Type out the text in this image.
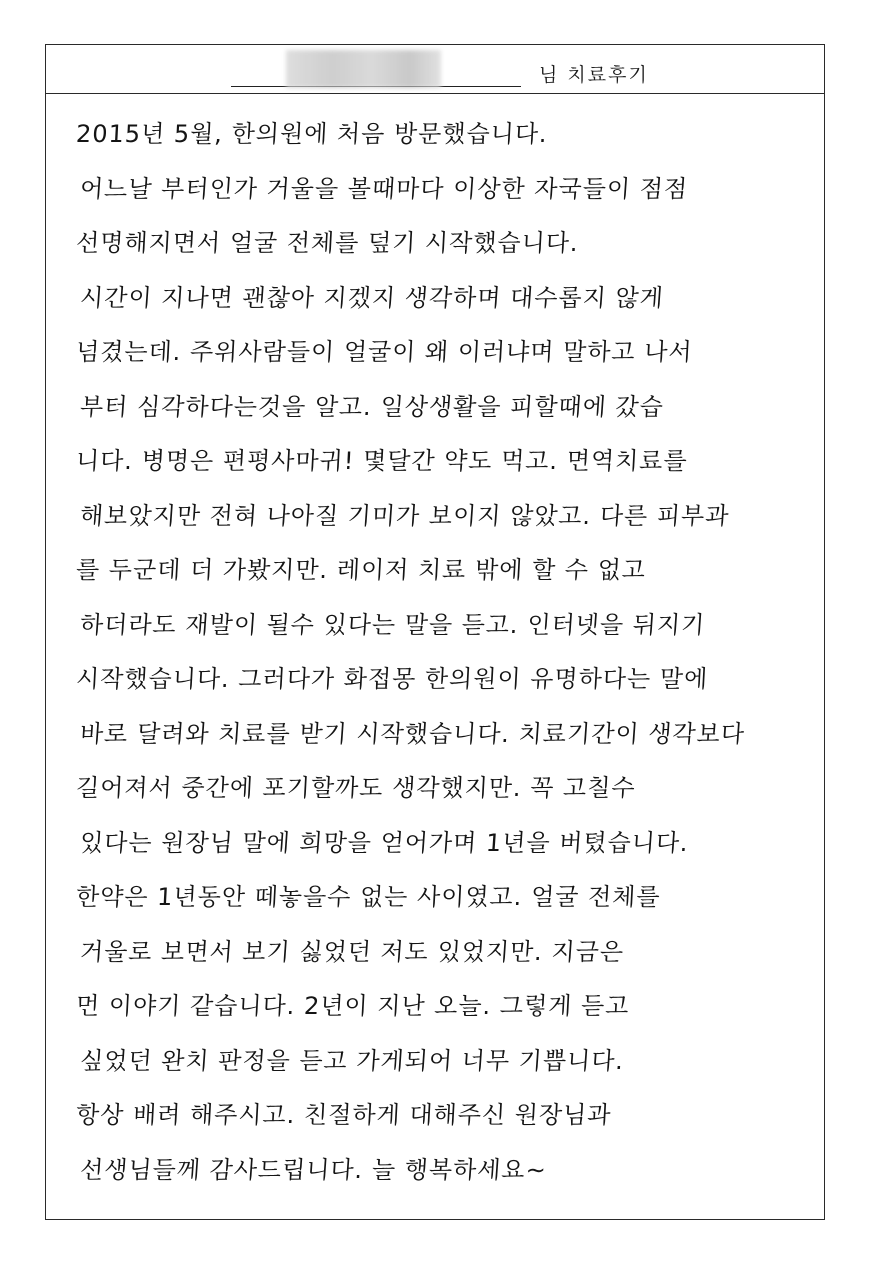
님 치료후기
2015년 5월, 한의원에 처음 방문했습니다.
어느날 부터인가 거울을 볼때마다 이상한 자국들이 점점
선명해지면서 얼굴 전체를 덮기 시작했습니다.
시간이 지나면 괜찮아 지겠지 생각하며 대수롭지 않게
넘겼는데. 주위사람들이 얼굴이 왜 이러냐며 말하고 나서
부터 심각하다는것을 알고. 일상생활을 피할때에 갔습
니다. 병명은 편평사마귀! 몇달간 약도 먹고. 면역치료를
해보았지만 전혀 나아질 기미가 보이지 않았고. 다른 피부과
를 두군데 더 가봤지만. 레이저 치료 밖에 할 수 없고
하더라도 재발이 될수 있다는 말을 듣고. 인터넷을 뒤지기
시작했습니다. 그러다가 화접몽 한의원이 유명하다는 말에
바로 달려와 치료를 받기 시작했습니다. 치료기간이 생각보다
길어져서 중간에 포기할까도 생각했지만. 꼭 고칠수
있다는 원장님 말에 희망을 얻어가며 1년을 버텼습니다.
한약은 1년동안 떼놓을수 없는 사이였고. 얼굴 전체를
거울로 보면서 보기 싫었던 저도 있었지만. 지금은
먼 이야기 같습니다. 2년이 지난 오늘. 그렇게 듣고
싶었던 완치 판정을 듣고 가게되어 너무 기쁩니다.
항상 배려 해주시고. 친절하게 대해주신 원장님과
선생님들께 감사드립니다. 늘 행복하세요~
